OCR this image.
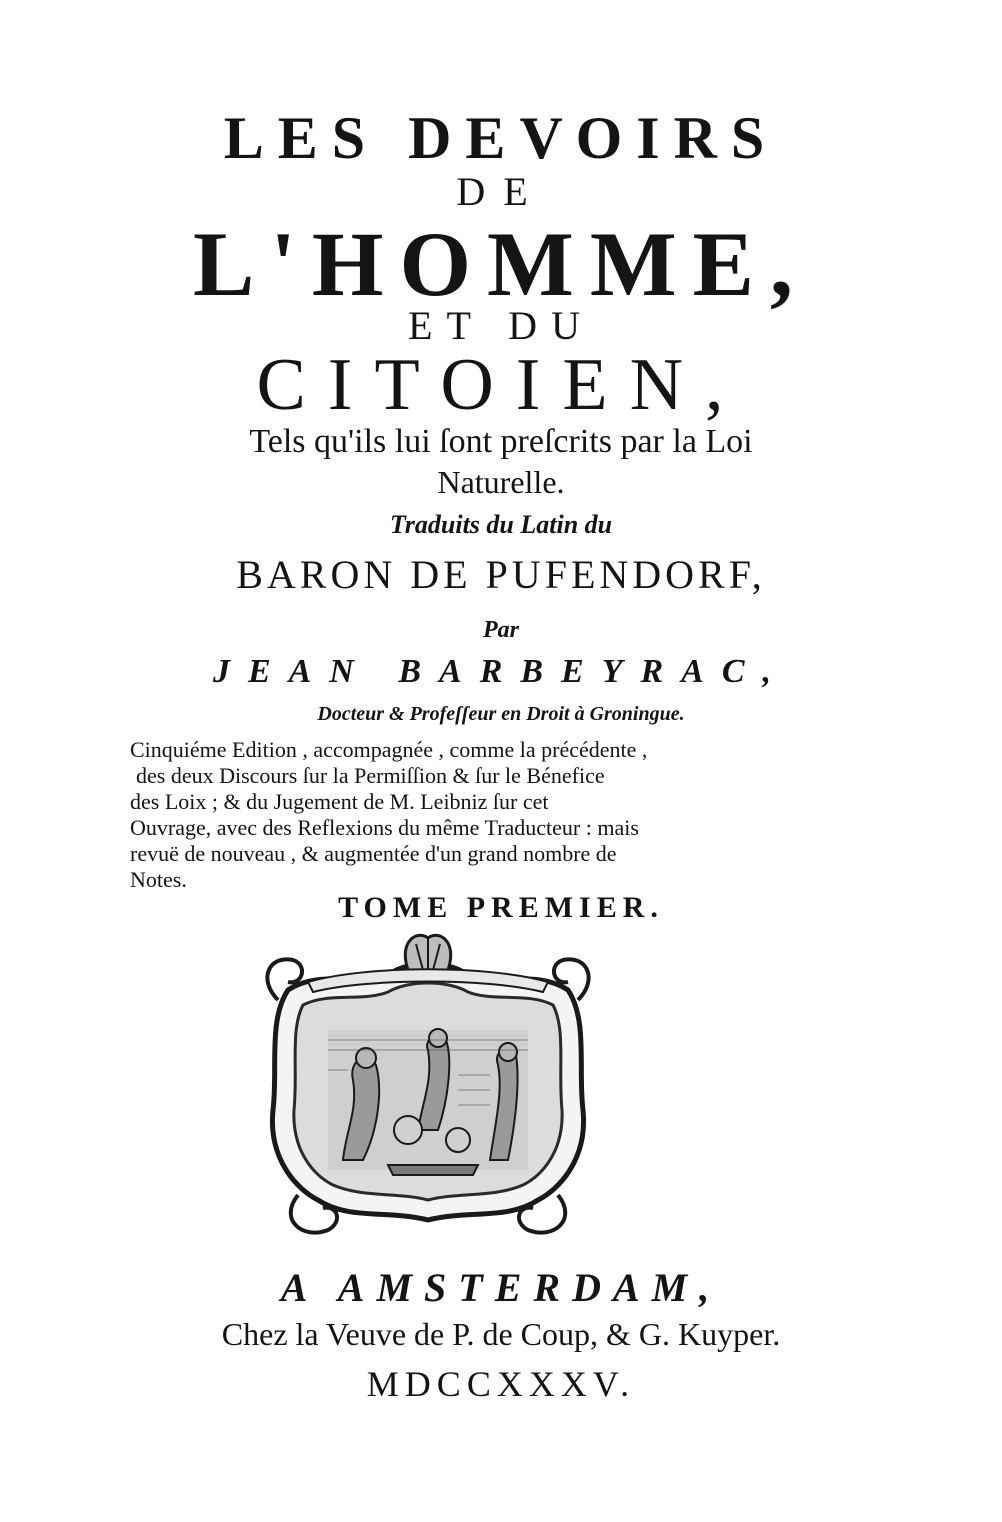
LES DEVOIRS
DE
L'HOMME,
ET DU
CITOIEN,
Tels qu'ils lui ſont preſcrits par la Loi
Naturelle.
Traduits du Latin du
BARON DE PUFENDORF,
Par
JEAN BARBEYRAC,
Docteur & Profeſſeur en Droit à Groningue.
Cinquiéme Edition , accompagnée , comme la précédente ,
des deux Discours ſur la Permiſſion & ſur le Bénefice
des Loix ; & du Jugement de M. Leibniz ſur cet
Ouvrage, avec des Reflexions du même Traducteur : mais
revuë de nouveau , & augmentée d'un grand nombre de
Notes.
TOME PREMIER.
A AMSTERDAM,
Chez la Veuve de P. de Coup, & G. Kuyper.
MDCCXXXV.
